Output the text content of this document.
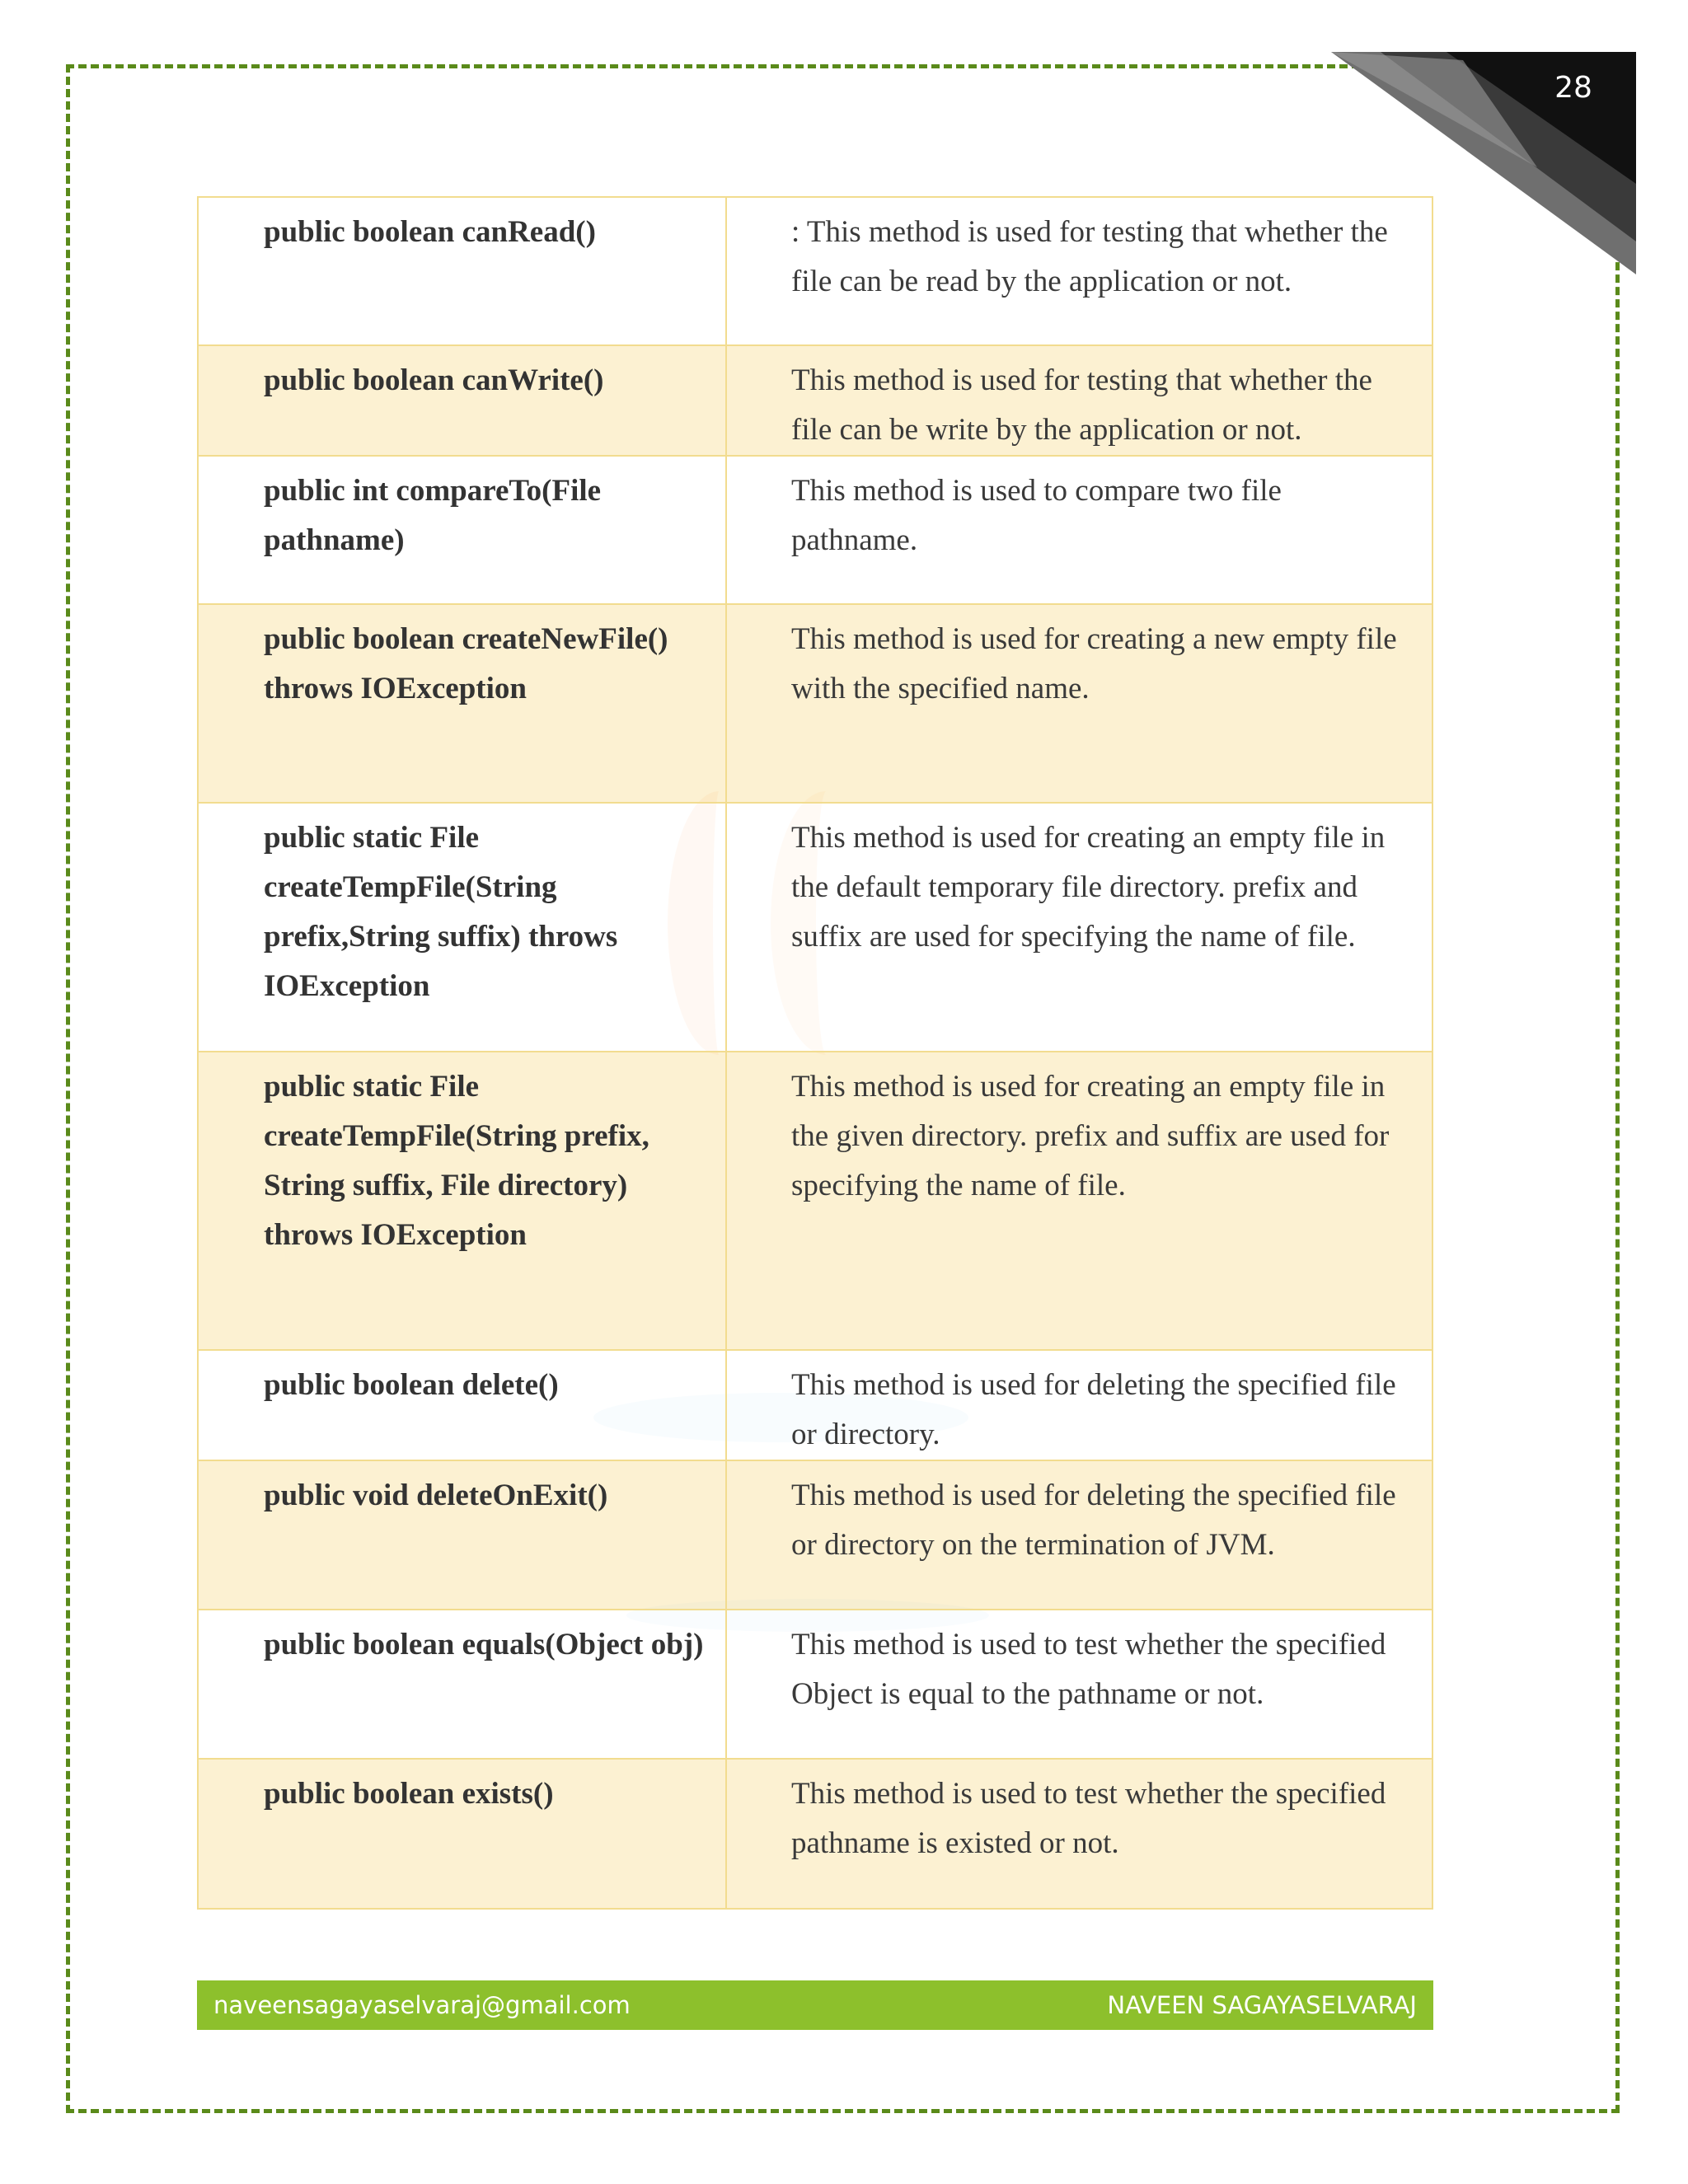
28
public boolean canRead()	: This method is used for testing that whether the file can be read by the application or not.
public boolean canWrite()	This method is used for testing that whether the file can be write by the application or not.
public int compareTo(File pathname)	This method is used to compare two file pathname.
public boolean createNewFile() throws IOException	This method is used for creating a new empty file with the specified name.
public static File createTempFile(String prefix,String suffix) throws IOException	This method is used for creating an empty file in the default temporary file directory. prefix and suffix are used for specifying the name of file.
public static File createTempFile(String prefix, String suffix, File directory) throws IOException	This method is used for creating an empty file in the given directory. prefix and suffix are used for specifying the name of file.
public boolean delete()	This method is used for deleting the specified file or directory.
public void deleteOnExit()	This method is used for deleting the specified file or directory on the termination of JVM.
public boolean equals(Object obj)	This method is used to test whether the specified Object is equal to the pathname or not.
public boolean exists()	This method is used to test whether the specified pathname is existed or not.
naveensagayaselvaraj@gmail.com	NAVEEN SAGAYASELVARAJ
